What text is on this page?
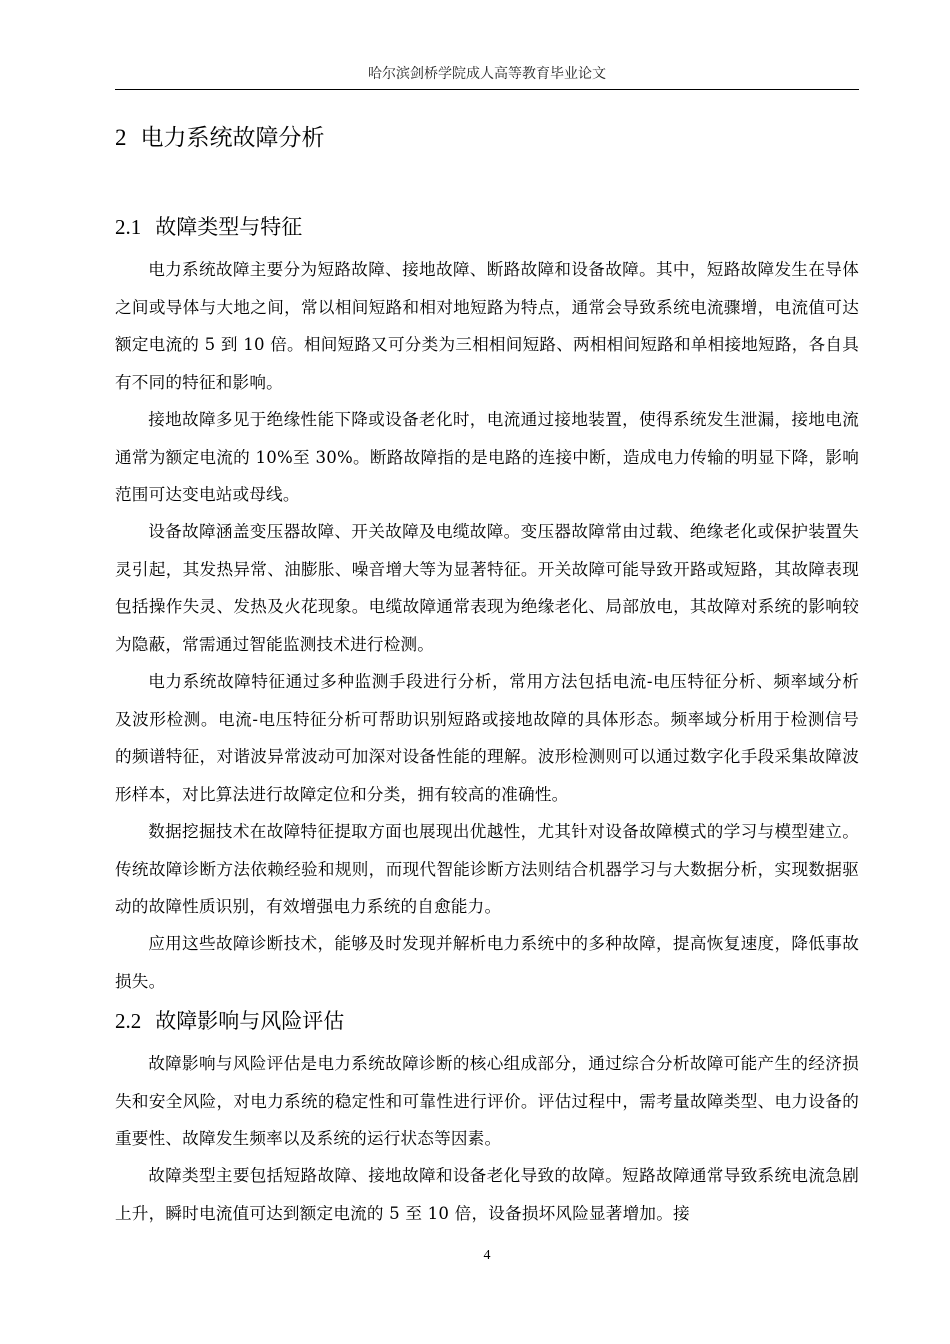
哈尔滨剑桥学院成人高等教育毕业论文
2 电力系统故障分析
2.1 故障类型与特征

电力系统故障主要分为短路故障、接地故障、断路故障和设备故障。其中，短路故障发生在导体之间或导体与大地之间，常以相间短路和相对地短路为特点，通常会导致系统电流骤增，电流值可达额定电流的 5 到 10 倍。相间短路又可分类为三相相间短路、两相相间短路和单相接地短路，各自具有不同的特征和影响。

接地故障多见于绝缘性能下降或设备老化时，电流通过接地装置，使得系统发生泄漏，接地电流通常为额定电流的 10%至 30%。断路故障指的是电路的连接中断，造成电力传输的明显下降，影响范围可达变电站或母线。

设备故障涵盖变压器故障、开关故障及电缆故障。变压器故障常由过载、绝缘老化或保护装置失灵引起，其发热异常、油膨胀、噪音增大等为显著特征。开关故障可能导致开路或短路，其故障表现包括操作失灵、发热及火花现象。电缆故障通常表现为绝缘老化、局部放电，其故障对系统的影响较为隐蔽，常需通过智能监测技术进行检测。

电力系统故障特征通过多种监测手段进行分析，常用方法包括电流-电压特征分析、频率域分析及波形检测。电流-电压特征分析可帮助识别短路或接地故障的具体形态。频率域分析用于检测信号的频谱特征，对谐波异常波动可加深对设备性能的理解。波形检测则可以通过数字化手段采集故障波形样本，对比算法进行故障定位和分类，拥有较高的准确性。

数据挖掘技术在故障特征提取方面也展现出优越性，尤其针对设备故障模式的学习与模型建立。传统故障诊断方法依赖经验和规则，而现代智能诊断方法则结合机器学习与大数据分析，实现数据驱动的故障性质识别，有效增强电力系统的自愈能力。

应用这些故障诊断技术，能够及时发现并解析电力系统中的多种故障，提高恢复速度，降低事故损失。

2.2 故障影响与风险评估

故障影响与风险评估是电力系统故障诊断的核心组成部分，通过综合分析故障可能产生的经济损失和安全风险，对电力系统的稳定性和可靠性进行评价。评估过程中，需考量故障类型、电力设备的重要性、故障发生频率以及系统的运行状态等因素。

故障类型主要包括短路故障、接地故障和设备老化导致的故障。短路故障通常导致系统电流急剧上升，瞬时电流值可达到额定电流的 5 至 10 倍，设备损坏风险显著增加。接

4
